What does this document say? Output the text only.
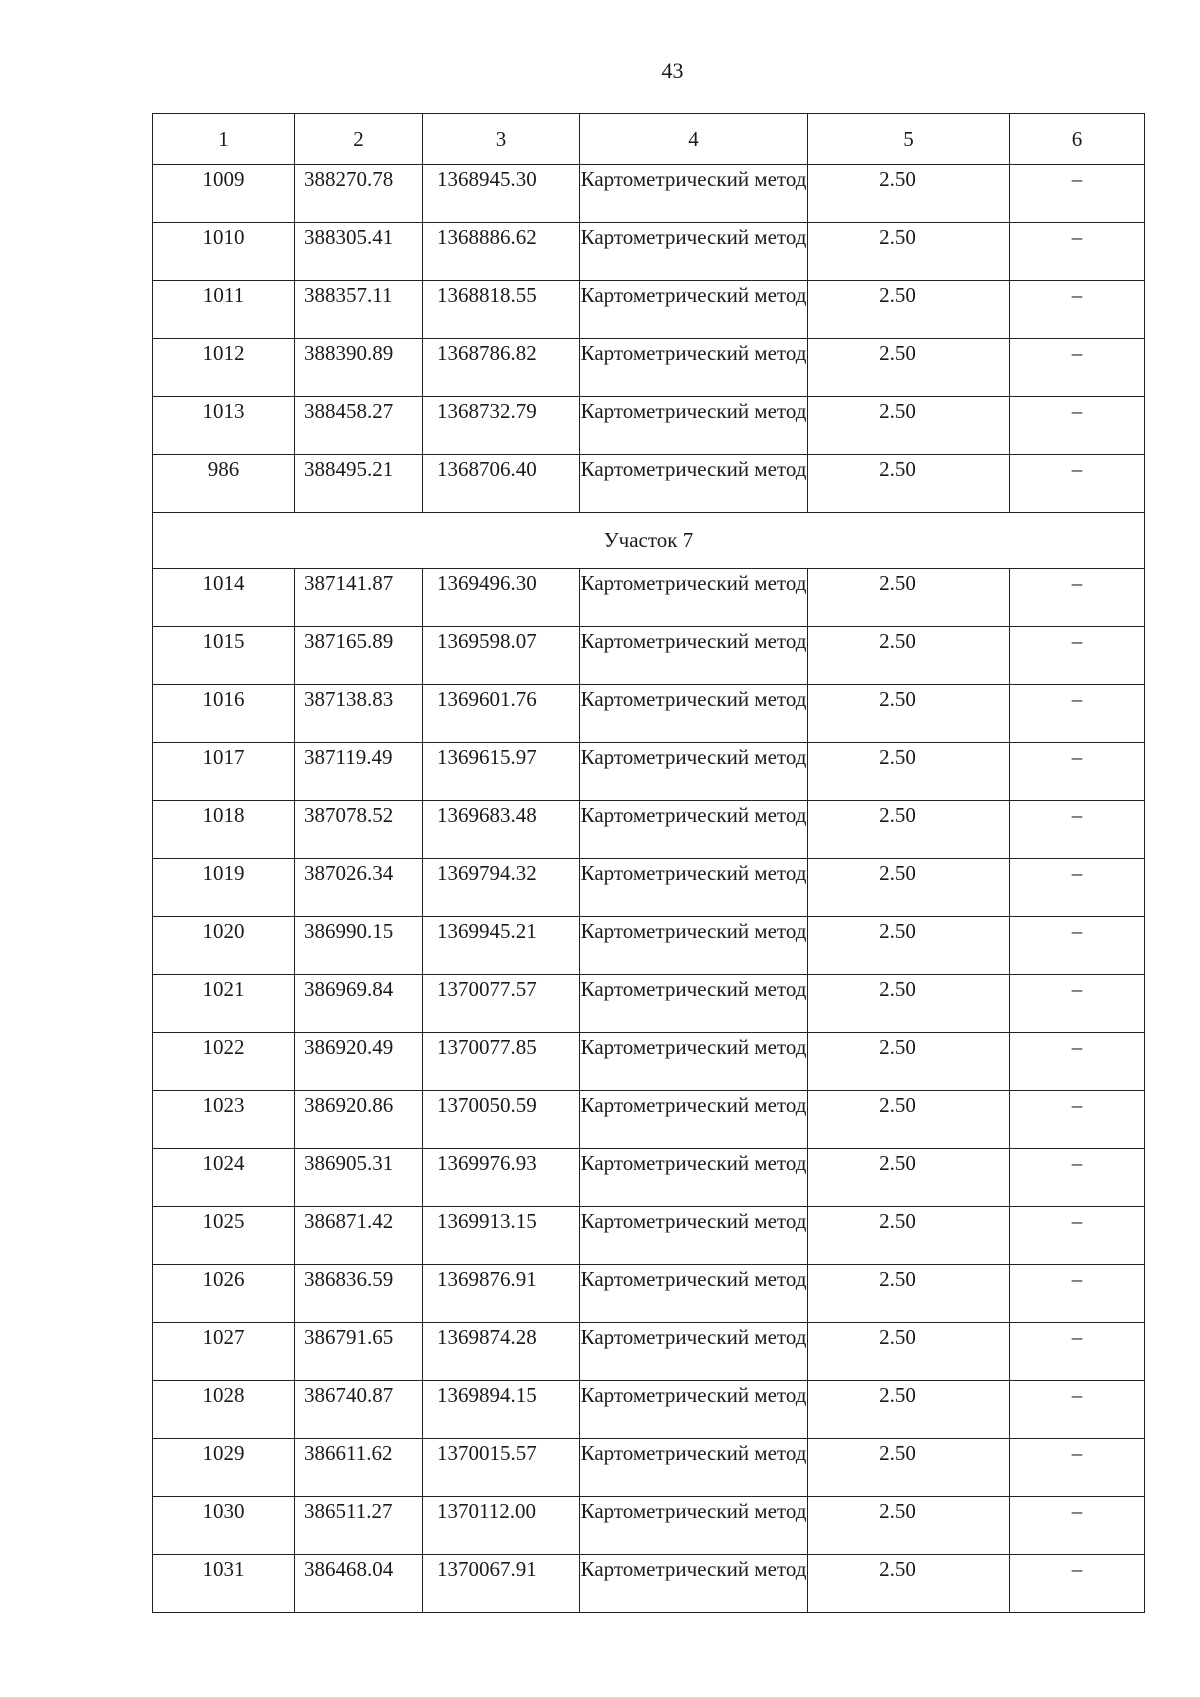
43
1	2	3	4	5	6
1009	388270.78	1368945.30	Картометрический метод	2.50	–
1010	388305.41	1368886.62	Картометрический метод	2.50	–
1011	388357.11	1368818.55	Картометрический метод	2.50	–
1012	388390.89	1368786.82	Картометрический метод	2.50	–
1013	388458.27	1368732.79	Картометрический метод	2.50	–
986	388495.21	1368706.40	Картометрический метод	2.50	–
Участок 7					
1014	387141.87	1369496.30	Картометрический метод	2.50	–
1015	387165.89	1369598.07	Картометрический метод	2.50	–
1016	387138.83	1369601.76	Картометрический метод	2.50	–
1017	387119.49	1369615.97	Картометрический метод	2.50	–
1018	387078.52	1369683.48	Картометрический метод	2.50	–
1019	387026.34	1369794.32	Картометрический метод	2.50	–
1020	386990.15	1369945.21	Картометрический метод	2.50	–
1021	386969.84	1370077.57	Картометрический метод	2.50	–
1022	386920.49	1370077.85	Картометрический метод	2.50	–
1023	386920.86	1370050.59	Картометрический метод	2.50	–
1024	386905.31	1369976.93	Картометрический метод	2.50	–
1025	386871.42	1369913.15	Картометрический метод	2.50	–
1026	386836.59	1369876.91	Картометрический метод	2.50	–
1027	386791.65	1369874.28	Картометрический метод	2.50	–
1028	386740.87	1369894.15	Картометрический метод	2.50	–
1029	386611.62	1370015.57	Картометрический метод	2.50	–
1030	386511.27	1370112.00	Картометрический метод	2.50	–
1031	386468.04	1370067.91	Картометрический метод	2.50	–
